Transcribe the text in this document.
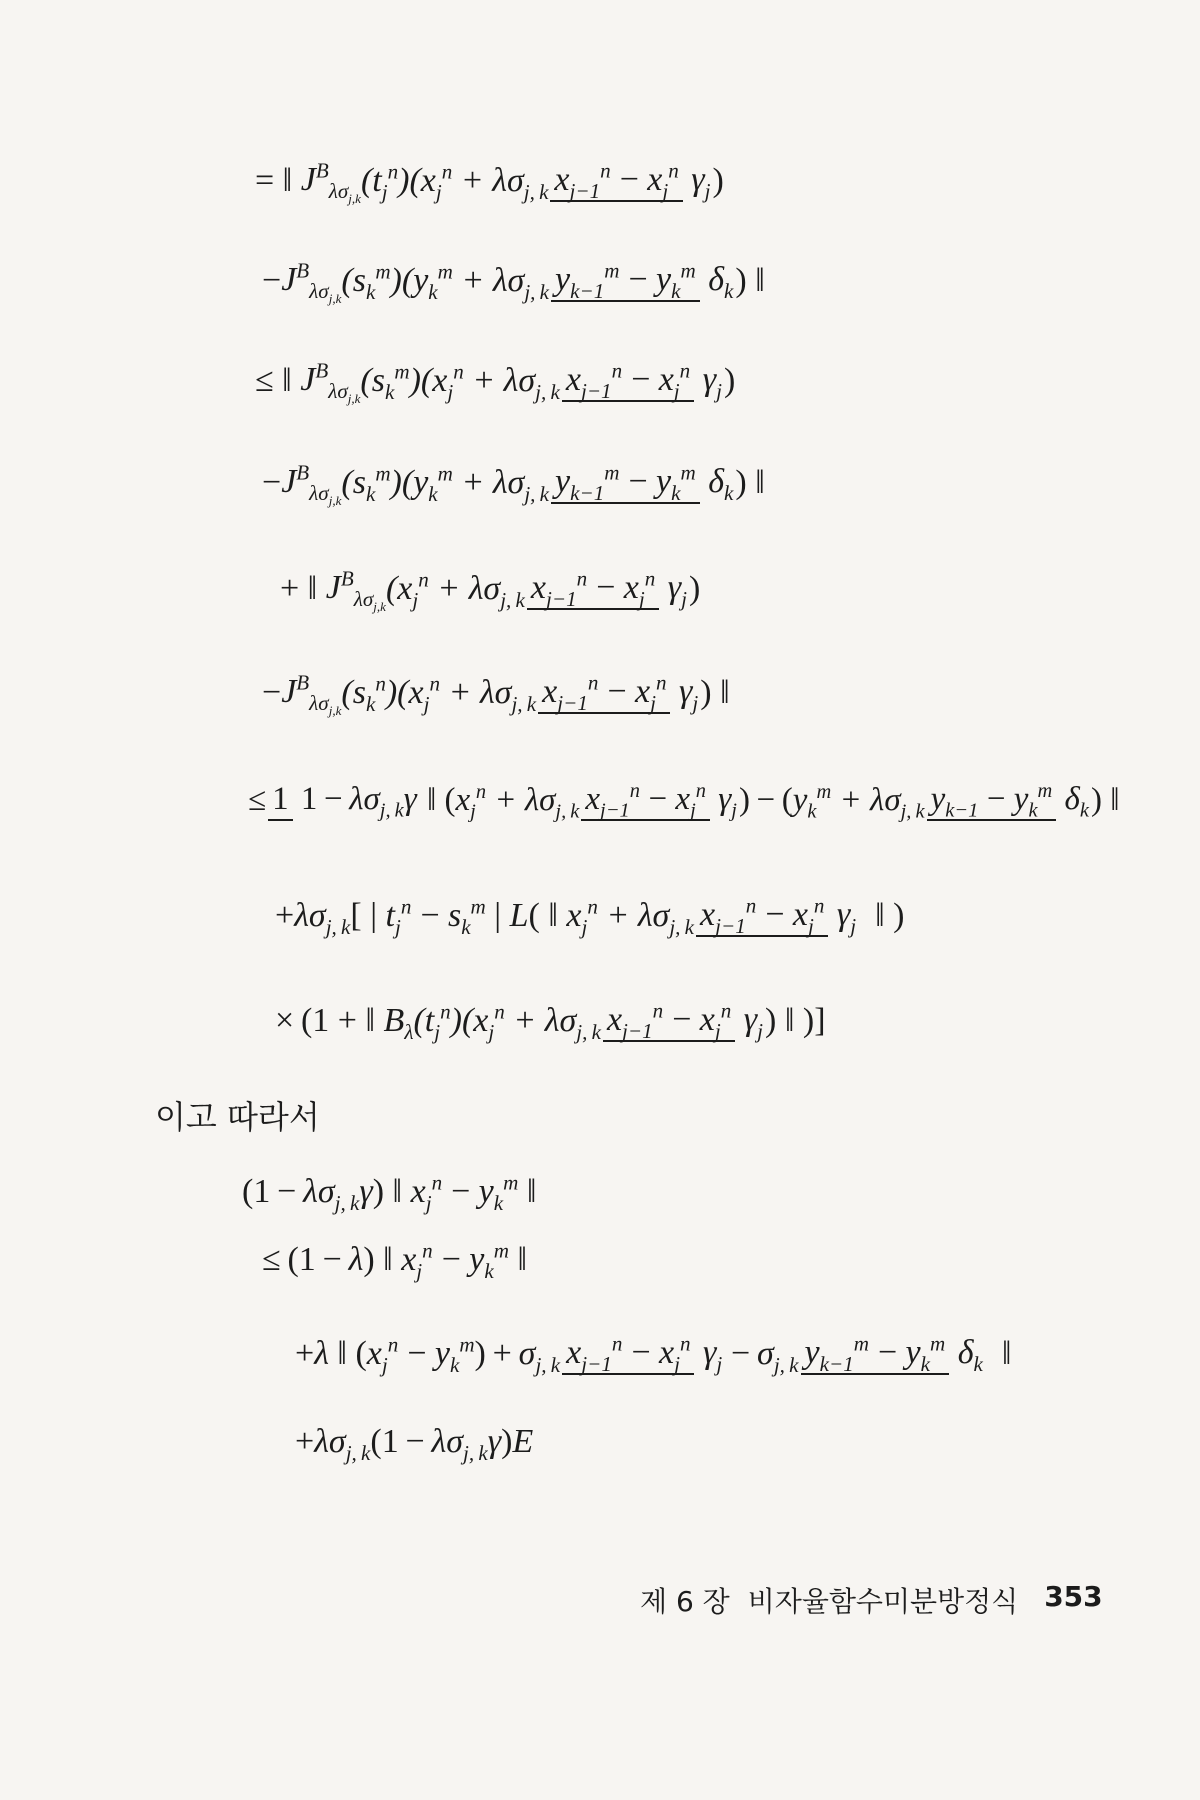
= ‖ $J^B_{\lambda\sigma_{j,k}}$ $(t_j^n)(x_j^n + \lambda\sigma_{j, k}$ $x_{j-1}^n - x_j^n$ $\gamma_j$ )
− $J^B_{\lambda\sigma_{j,k}}$ $(s_k^m)(y_k^m + \lambda\sigma_{j, k}$ $y_{k-1}^m - y_k^m$ $\delta_k$ ) ‖
≤ ‖ $J^B_{\lambda\sigma_{j,k}}$ $(s_k^m)(x_j^n + \lambda\sigma_{j, k}$ $x_{j-1}^n - x_j^n$ $\gamma_j$ )
− $J^B_{\lambda\sigma_{j,k}}$ $(s_k^m)(y_k^m + \lambda\sigma_{j, k}$ $y_{k-1}^m - y_k^m$ $\delta_k$ ) ‖
+ ‖ $J^B_{\lambda\sigma_{j,k}}$ ($x_j^n + \lambda\sigma_{j, k}$ $x_{j-1}^n - x_j^n$ $\gamma_j$ )
− $J^B_{\lambda\sigma_{j,k}}$ $(s_k^n)(x_j^n + \lambda\sigma_{j, k}$ $x_{j-1}^n - x_j^n$ $\gamma_j$ ) ‖
≤ 1 $1 - \lambda\sigma_{j, k}\gamma$ ‖ ( $x_j^n + \lambda\sigma_{j, k}$ $x_{j-1}^n - x_j^n$ $\gamma_j$ ) − ( $y_k^m + \lambda\sigma_{j, k}$ $y_{k-1} - y_k^m$ $\delta_k$ ) ‖
+ $\lambda\sigma_{j, k}$ [ | $t_j^n - s_k^m$ | L ( ‖ $x_j^n + \lambda\sigma_{j, k}$ $x_{j-1}^n - x_j^n$ $\gamma_j$ ‖ )
× (1 + ‖ $B_\lambda(t_j^n)(x_j^n + \lambda\sigma_{j, k}$ $x_{j-1}^n - x_j^n$ $\gamma_j$ ) ‖ )]
이고 따라서
($1 - \lambda\sigma_{j, k}\gamma$ ) ‖ $x_j^n - y_k^m$ ‖
≤ (1 −  λ ) ‖ $x_j^n - y_k^m$ ‖
+ λ ‖ ( $x_j^n - y_k^m$ ) +  $\sigma_{j, k}$ $x_{j-1}^n - x_j^n$ $\gamma_j - \sigma_{j, k}$ $y_{k-1}^m - y_k^m$ $\delta_k$ ‖
+ $\lambda\sigma_{j, k}$ ($1 - \lambda\sigma_{j, k}\gamma$ ) E
제 6 장 비자율함수미분방정식 353
